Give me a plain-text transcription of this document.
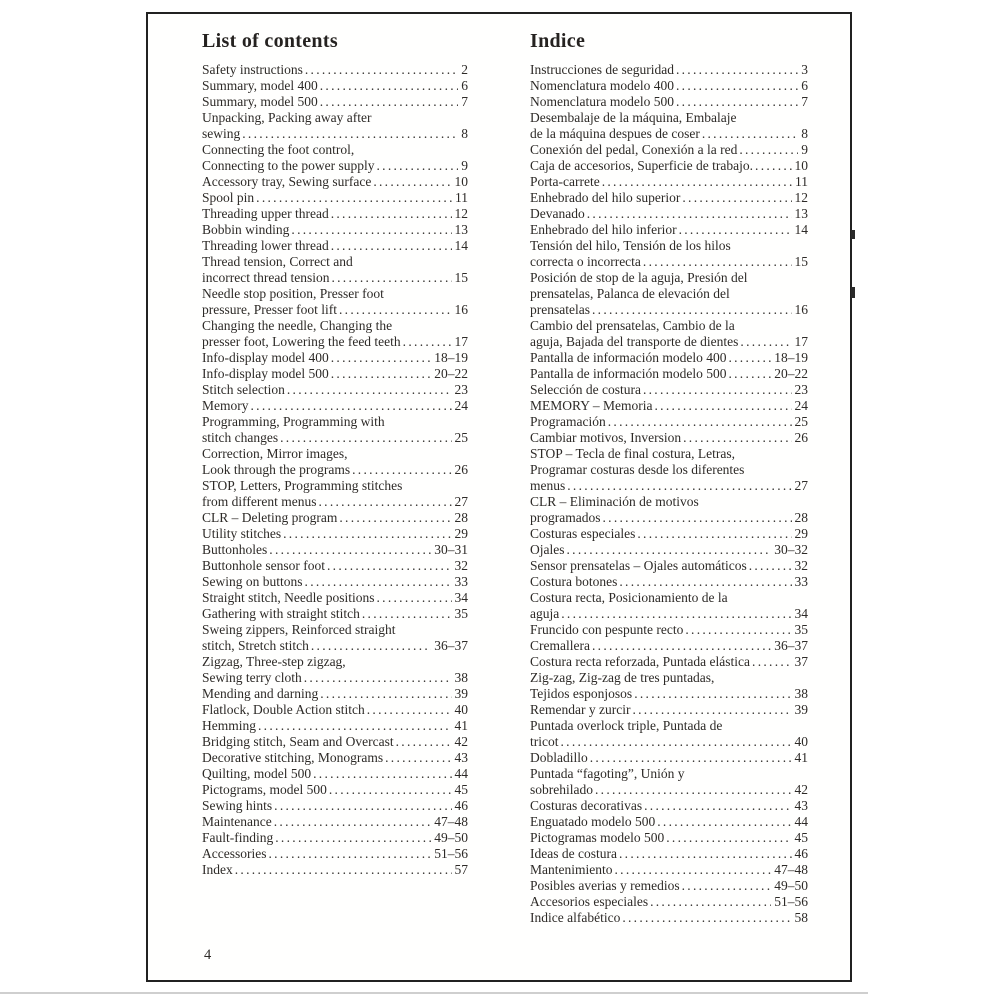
List of contents
Safety instructions .....	2
Summary, model 400 .....	6
Summary, model 500 .....	7
Unpacking, Packing away after
sewing .....	8
Connecting the foot control,
Connecting to the power supply .....	9
Accessory tray, Sewing surface .....	10
Spool pin .....	11
Threading upper thread .....	12
Bobbin winding .....	13
Threading lower thread .....	14
Thread tension, Correct and
incorrect thread tension .....	15
Needle stop position, Presser foot
pressure, Presser foot lift .....	16
Changing the needle, Changing the
presser foot, Lowering the feed teeth .....	17
Info-display model 400 .....	18–19
Info-display model 500 .....	20–22
Stitch selection .....	23
Memory .....	24
Programming, Programming with
stitch changes .....	25
Correction, Mirror images,
Look through the programs .....	26
STOP, Letters, Programming stitches
from different menus .....	27
CLR – Deleting program .....	28
Utility stitches .....	29
Buttonholes .....	30–31
Buttonhole sensor foot .....	32
Sewing on buttons .....	33
Straight stitch, Needle positions .....	34
Gathering with straight stitch .....	35
Sweing zippers, Reinforced straight
stitch, Stretch stitch .....	36–37
Zigzag, Three-step zigzag,
Sewing terry cloth .....	38
Mending and darning .....	39
Flatlock, Double Action stitch .....	40
Hemming .....	41
Bridging stitch, Seam and Overcast .....	42
Decorative stitching, Monograms .....	43
Quilting, model 500 .....	44
Pictograms, model 500 .....	45
Sewing hints .....	46
Maintenance .....	47–48
Fault-finding .....	49–50
Accessories .....	51–56
Index .....	57
Indice
Instrucciones de seguridad .....	3
Nomenclatura modelo 400 .....	6
Nomenclatura modelo 500 .....	7
Desembalaje de la máquina, Embalaje
de la máquina despues de coser .....	8
Conexión del pedal, Conexión a la red .....	9
Caja de accesorios, Superficie de trabajo. .....	10
Porta-carrete .....	11
Enhebrado del hilo superior .....	12
Devanado .....	13
Enhebrado del hilo inferior .....	14
Tensión del hilo, Tensión de los hilos
correcta o incorrecta .....	15
Posición de stop de la aguja, Presión del
prensatelas, Palanca de elevación del
prensatelas .....	16
Cambio del prensatelas, Cambio de la
aguja, Bajada del transporte de dientes .....	17
Pantalla de información modelo 400 .....	18–19
Pantalla de información modelo 500 .....	20–22
Selección de costura .....	23
MEMORY – Memoria .....	24
Programación .....	25
Cambiar motivos, Inversion .....	26
STOP – Tecla de final costura, Letras,
Programar costuras desde los diferentes
menus .....	27
CLR – Eliminación de motivos
programados .....	28
Costuras especiales .....	29
Ojales .....	30–32
Sensor prensatelas – Ojales automáticos .....	32
Costura botones .....	33
Costura recta, Posicionamiento de la
aguja .....	34
Fruncido con pespunte recto .....	35
Cremallera .....	36–37
Costura recta reforzada, Puntada elástica .....	37
Zig-zag, Zig-zag de tres puntadas,
Tejidos esponjosos .....	38
Remendar y zurcir .....	39
Puntada overlock triple, Puntada de
tricot .....	40
Dobladillo .....	41
Puntada “fagoting”, Unión y
sobrehilado .....	42
Costuras decorativas .....	43
Enguatado modelo 500 .....	44
Pictogramas modelo 500 .....	45
Ideas de costura .....	46
Mantenimiento .....	47–48
Posibles averias y remedios .....	49–50
Accesorios especiales .....	51–56
Indice alfabético .....	58
4
